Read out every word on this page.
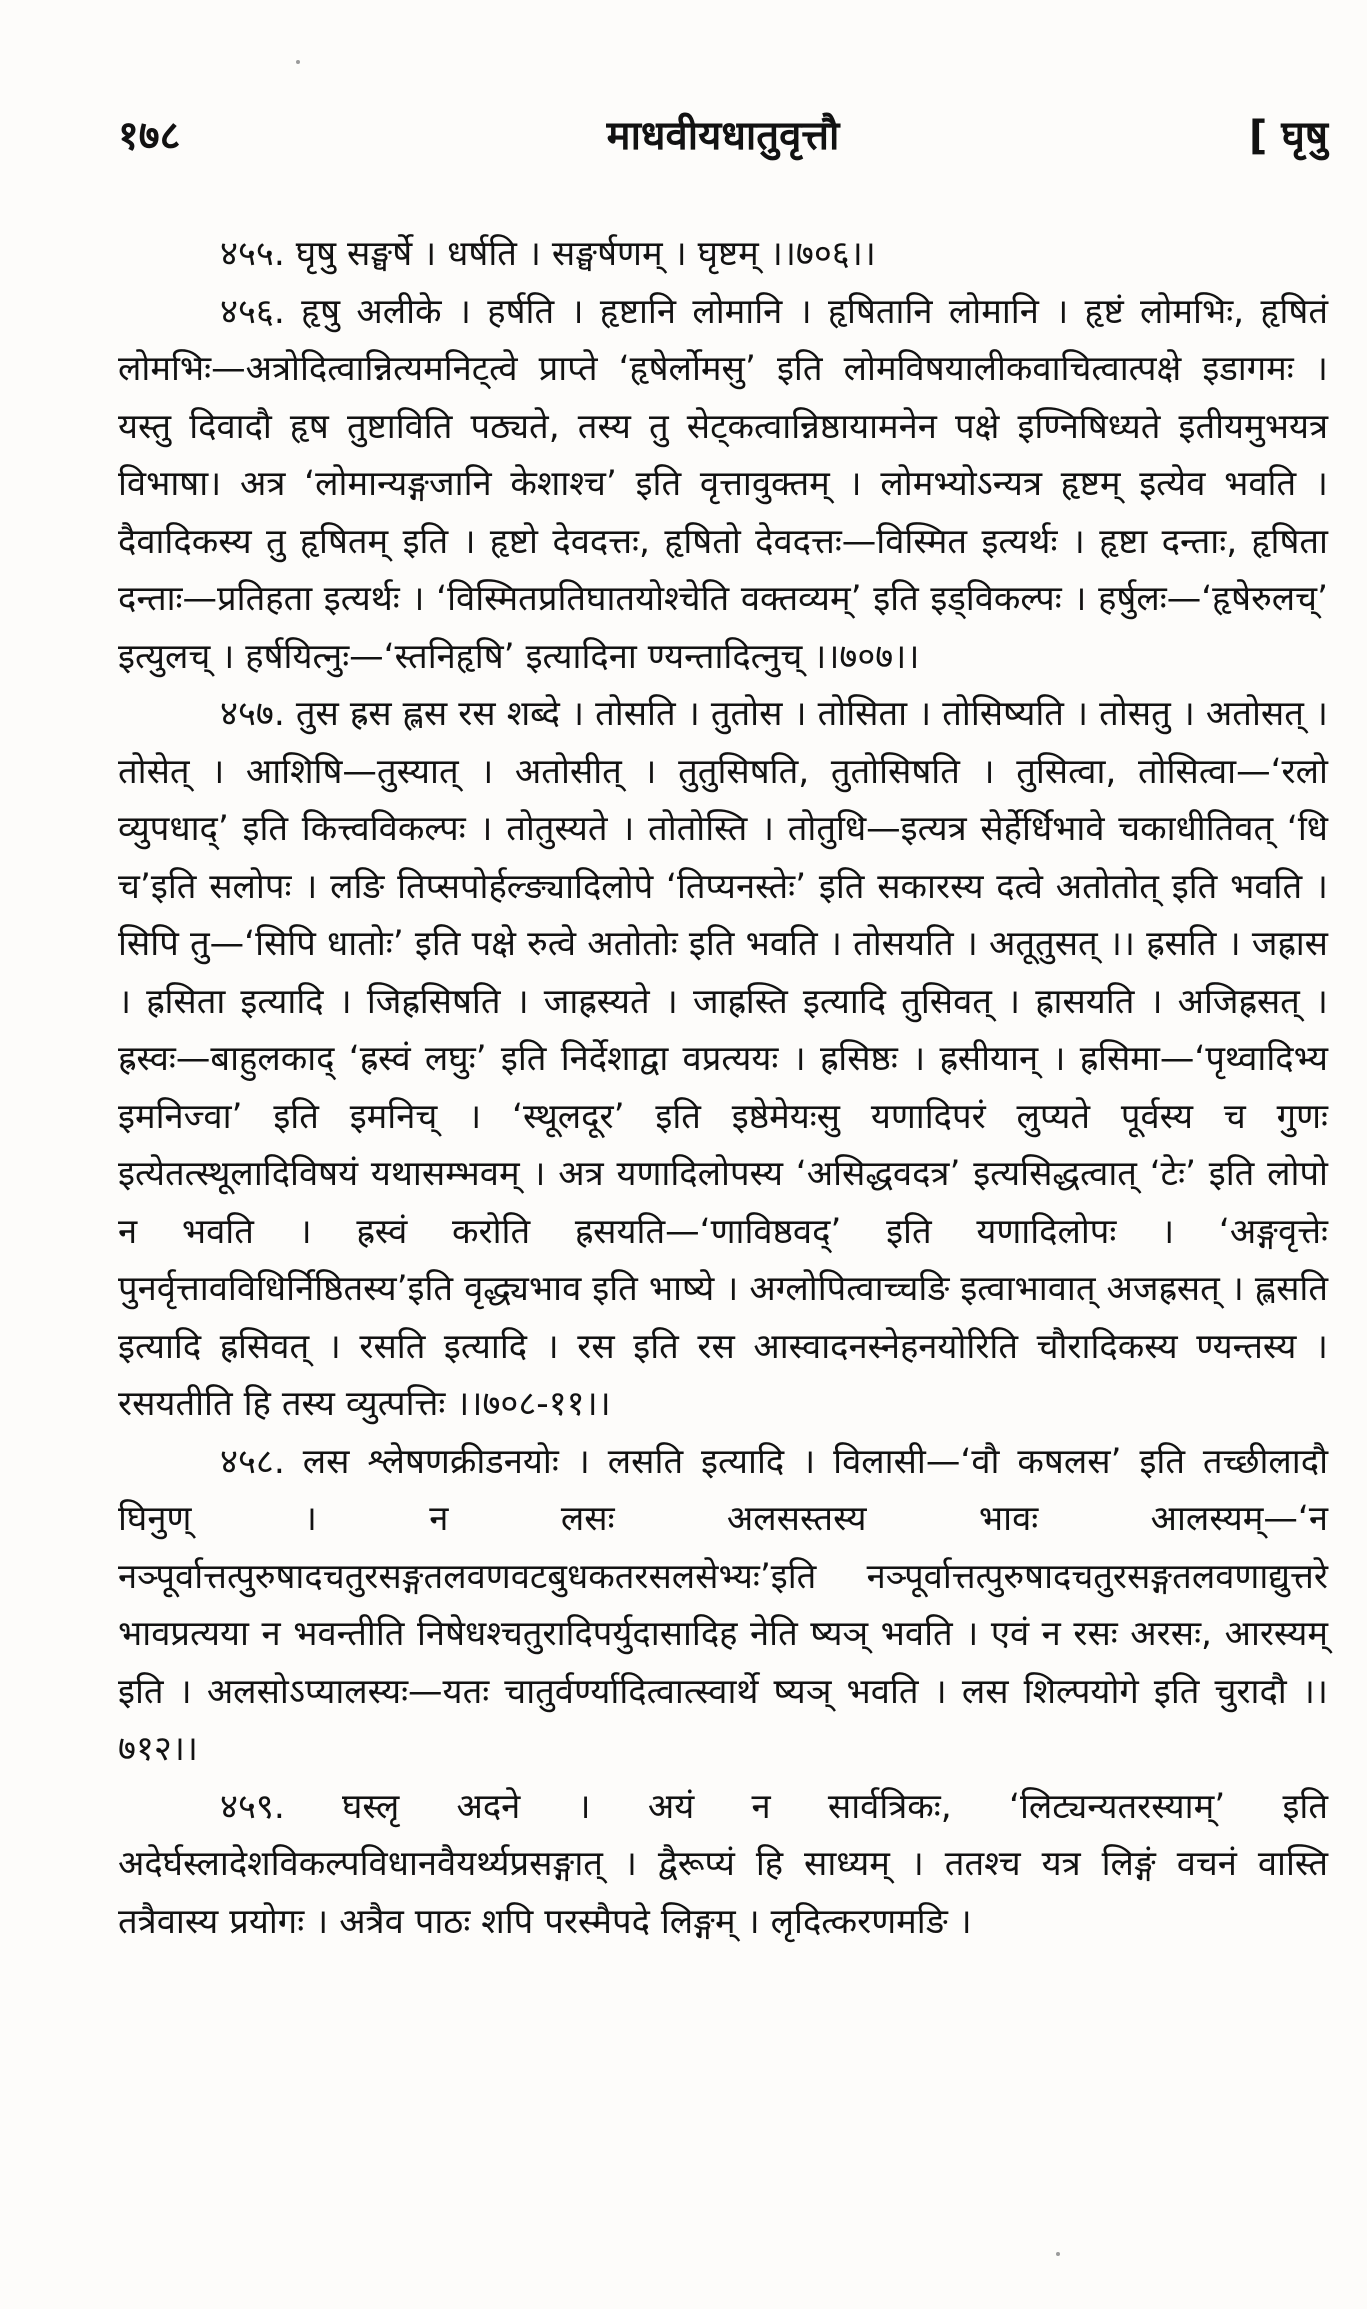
१७८	माधवीयधातुवृत्तौ	[ घृषु

४५५. घृषु सङ्घर्षे । धर्षति । सङ्घर्षणम् । घृष्टम् ।।७०६।।

४५६. हृषु अलीके । हर्षति । हृष्टानि लोमानि । हृषितानि लोमानि । हृष्टं लोमभिः, हृषितं लोमभिः—अत्रोदित्वान्नित्यमनिट्त्वे प्राप्ते ‘हृषेर्लोमसु’ इति लोमविषयालीकवाचित्वात्पक्षे इडागमः । यस्तु दिवादौ हृष तुष्टाविति पठ्यते, तस्य तु सेट्कत्वान्निष्ठायामनेन पक्षे इण्निषिध्यते इतीयमुभयत्र विभाषा। अत्र ‘लोमान्यङ्गजानि केशाश्च’ इति वृत्तावुक्तम् । लोमभ्योऽन्यत्र हृष्टम् इत्येव भवति । दैवादिकस्य तु हृषितम् इति । हृष्टो देवदत्तः, हृषितो देवदत्तः—विस्मित इत्यर्थः । हृष्टा दन्ताः, हृषिता दन्ताः—प्रतिहता इत्यर्थः । ‘विस्मितप्रतिघातयोश्चेति वक्तव्यम्’ इति इड्विकल्पः । हर्षुलः—‘हृषेरुलच्’ इत्युलच् । हर्षयित्नुः—‘स्तनिहृषि’ इत्यादिना ण्यन्तादित्नुच् ।।७०७।।

४५७. तुस ह्रस ह्लस रस शब्दे । तोसति । तुतोस । तोसिता । तोसिष्यति । तोसतु । अतोसत् । तोसेत् । आशिषि—तुस्यात् । अतोसीत् । तुतुसिषति, तुतोसिषति । तुसित्वा, तोसित्वा—‘रलो व्युपधाद्’ इति कित्त्वविकल्पः । तोतुस्यते । तोतोस्ति । तोतुधि—इत्यत्र सेर्हेर्धिभावे चकाधीतिवत् ‘धि च’इति सलोपः । लङि तिप्सपोर्हल्ङ्यादिलोपे ‘तिप्यनस्तेः’ इति सकारस्य दत्वे अतोतोत् इति भवति । सिपि तु—‘सिपि धातोः’ इति पक्षे रुत्वे अतोतोः इति भवति । तोसयति । अतूतुसत् ।। ह्रसति । जह्रास । ह्रसिता इत्यादि । जिह्रसिषति । जाह्रस्यते । जाह्रस्ति इत्यादि तुसिवत् । ह्रासयति । अजिह्रसत् । ह्रस्वः—बाहुलकाद् ‘ह्रस्वं लघुः’ इति निर्देशाद्वा वप्रत्ययः । ह्रसिष्ठः । ह्रसीयान् । ह्रसिमा—‘पृथ्वादिभ्य इमनिज्वा’ इति इमनिच् । ‘स्थूलदूर’ इति इष्ठेमेयःसु यणादिपरं लुप्यते पूर्वस्य च गुणः इत्येतत्स्थूलादिविषयं यथासम्भवम् । अत्र यणादिलोपस्य ‘असिद्धवदत्र’ इत्यसिद्धत्वात् ‘टेः’ इति लोपो न भवति । ह्रस्वं करोति ह्रसयति—‘णाविष्ठवद्’ इति यणादिलोपः । ‘अङ्गवृत्तेः पुनर्वृत्तावविधिर्निष्ठितस्य’इति वृद्ध्यभाव इति भाष्ये । अग्लोपित्वाच्चङि इत्वाभावात् अजह्रसत् । ह्लसति इत्यादि ह्रसिवत् । रसति इत्यादि । रस इति रस आस्वादनस्नेहनयोरिति चौरादिकस्य ण्यन्तस्य । रसयतीति हि तस्य व्युत्पत्तिः ।।७०८-११।।

४५८. लस श्लेषणक्रीडनयोः । लसति इत्यादि । विलासी—‘वौ कषलस’ इति तच्छीलादौ घिनुण् । न लसः अलसस्तस्य भावः आलस्यम्—‘न नञ्पूर्वात्तत्पुरुषादचतुरसङ्गतलवणवटबुधकतरसलसेभ्यः’इति नञ्पूर्वात्तत्पुरुषादचतुरसङ्गतलवणाद्युत्तरे भावप्रत्यया न भवन्तीति निषेधश्चतुरादिपर्युदासादिह नेति ष्यञ् भवति । एवं न रसः अरसः, आरस्यम् इति । अलसोऽप्यालस्यः—यतः चातुर्वर्ण्यादित्वात्स्वार्थे ष्यञ् भवति । लस शिल्पयोगे इति चुरादौ ।।७१२।।

४५९. घस्लृ अदने । अयं न सार्वत्रिकः, ‘लिट्यन्यतरस्याम्’ इति अदेर्घस्लादेशविकल्पविधानवैयर्थ्यप्रसङ्गात् । द्वैरूप्यं हि साध्यम् । ततश्च यत्र लिङ्गं वचनं वास्ति तत्रैवास्य प्रयोगः । अत्रैव पाठः शपि परस्मैपदे लिङ्गम् । लृदित्करणमङि ।
